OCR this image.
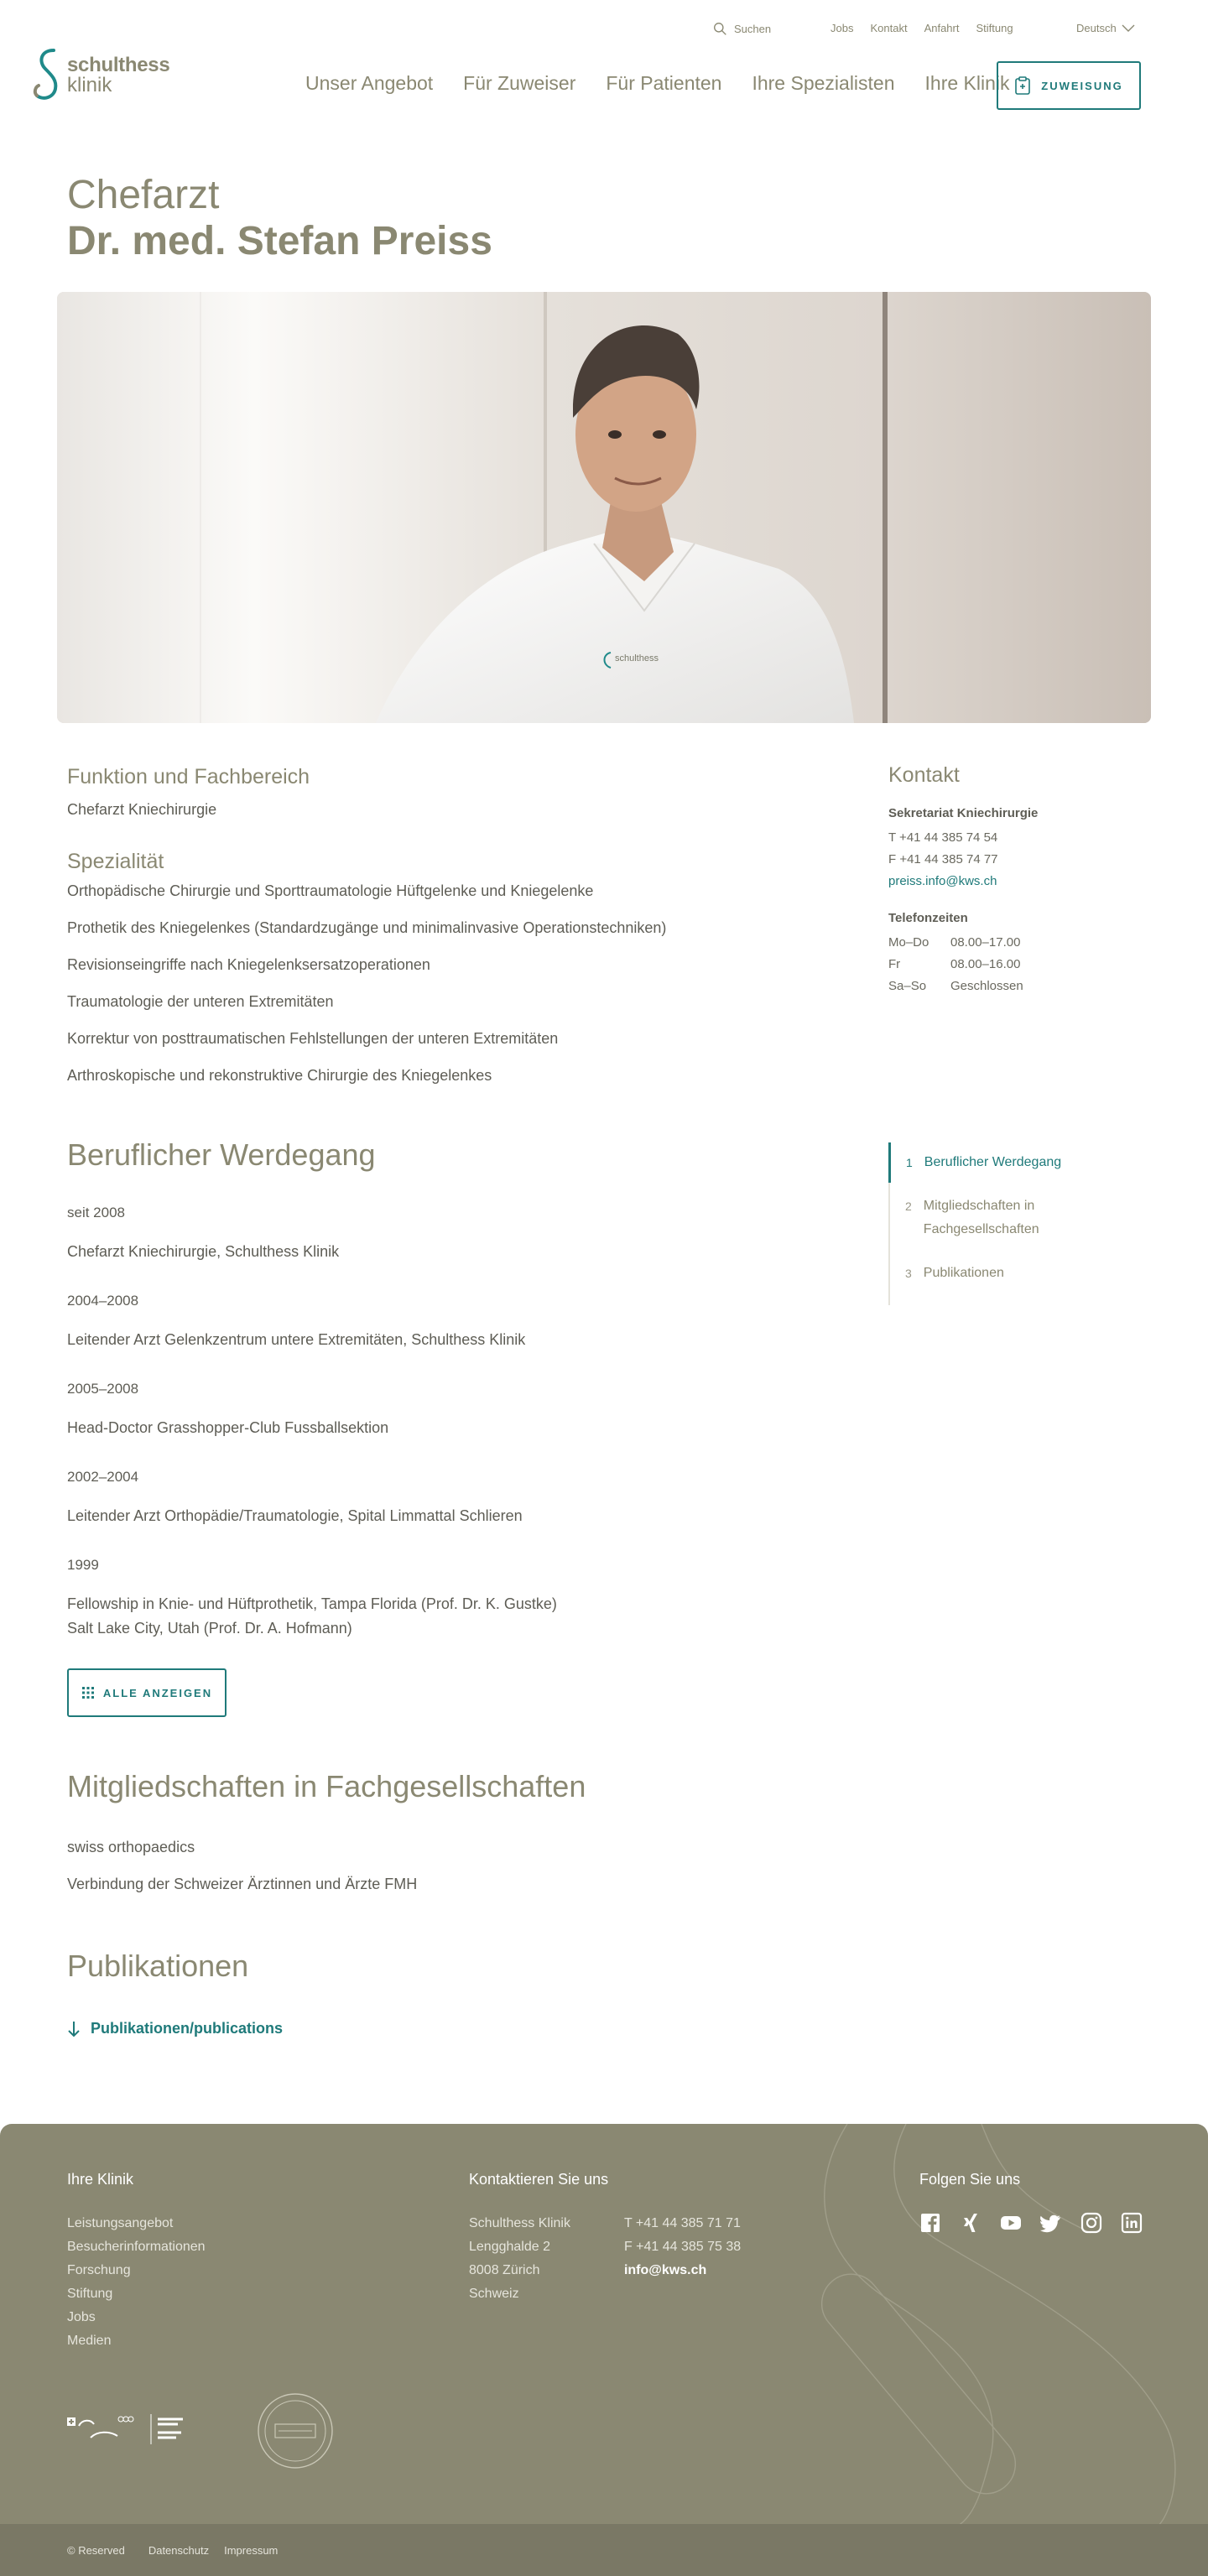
Suchen	Jobs Kontakt Anfahrt Stiftung	Deutsch
schulthess
klinik	Unser Angebot Für Zuweiser Für Patienten Ihre Spezialisten Ihre Klinik	ZUWEISUNG
Chefarzt
Dr. med. Stefan Preiss
schulthess
Funktion und Fachbereich

Chefarzt Kniechirurgie

Spezialität
Orthopädische Chirurgie und Sporttraumatologie Hüftgelenke und Kniegelenke
Prothetik des Kniegelenkes (Standardzugänge und minimalinvasive Operationstechniken)
Revisionseingriffe nach Kniegelenksersatzoperationen
Traumatologie der unteren Extremitäten
Korrektur von posttraumatischen Fehlstellungen der unteren Extremitäten
Arthroskopische und rekonstruktive Chirurgie des Kniegelenkes
Kontakt
Sekretariat Kniechirurgie
T +41 44 385 74 54
F +41 44 385 74 77
preiss.info@kws.ch
Telefonzeiten
Mo–Do	08.00–17.00
Fr	08.00–16.00
Sa–So	Geschlossen
Beruflicher Werdegang
seit 2008
Chefarzt Kniechirurgie, Schulthess Klinik
2004–2008
Leitender Arzt Gelenkzentrum untere Extremitäten, Schulthess Klinik
2005–2008
Head-Doctor Grasshopper-Club Fussballsektion
2002–2004
Leitender Arzt Orthopädie/Traumatologie, Spital Limmattal Schlieren
1999
Fellowship in Knie- und Hüftprothetik, Tampa Florida (Prof. Dr. K. Gustke)
Salt Lake City, Utah (Prof. Dr. A. Hofmann)
ALLE ANZEIGEN
1 Beruflicher Werdegang
2 Mitgliedschaften in Fachgesellschaften
3 Publikationen
Mitgliedschaften in Fachgesellschaften

swiss orthopaedics

Verbindung der Schweizer Ärztinnen und Ärzte FMH

Publikationen
Publikationen/publications
Ihre Klinik
Leistungsangebot
Besucherinformationen
Forschung
Stiftung
Jobs
Medien
Kontaktieren Sie uns
Schulthess Klinik
Lengghalde 2
8008 Zürich
Schweiz
T +41 44 385 71 71
F +41 44 385 75 38
info@kws.ch
Folgen Sie uns
© Reserved Datenschutz Impressum
